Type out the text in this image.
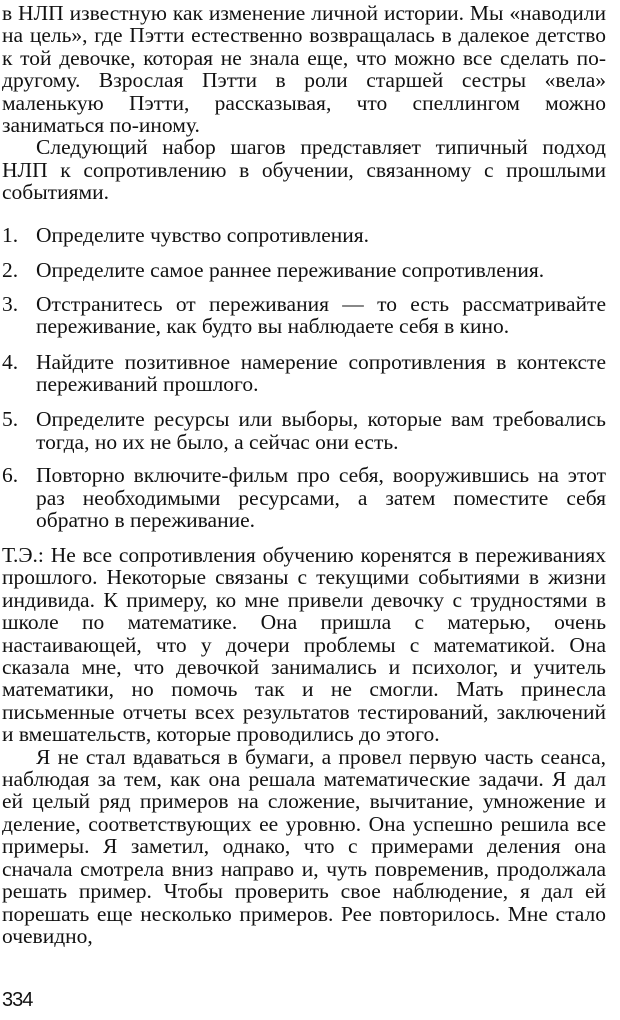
в НЛП известную как изменение личной истории. Мы «наводили на цель», где Пэтти естественно возвращалась в далекое детство к той девочке, которая не знала еще, что можно все сделать по-другому. Взрослая Пэтти в роли старшей сестры «вела» маленькую Пэтти, рассказывая, что спеллингом можно заниматься по-иному.

Следующий набор шагов представляет типичный подход НЛП к сопротивлению в обучении, связанному с прошлыми событиями.

1. Определите чувство сопротивления.
2. Определите самое раннее переживание сопротивления.
3. Отстранитесь от переживания — то есть рассматривайте переживание, как будто вы наблюдаете себя в кино.
4. Найдите позитивное намерение сопротивления в контексте переживаний прошлого.
5. Определите ресурсы или выборы, которые вам требовались тогда, но их не было, а сейчас они есть.
6. Повторно включите-фильм про себя, вооружившись на этот раз необходимыми ресурсами, а затем поместите себя обратно в переживание.

Т.Э.: Не все сопротивления обучению коренятся в переживаниях прошлого. Некоторые связаны с текущими событиями в жизни индивида. К примеру, ко мне привели девочку с трудностями в школе по математике. Она пришла с матерью, очень настаивающей, что у дочери проблемы с математикой. Она сказала мне, что девочкой занимались и психолог, и учитель математики, но помочь так и не смогли. Мать принесла письменные отчеты всех результатов тестирований, заключений и вмешательств, которые проводились до этого.

Я не стал вдаваться в бумаги, а провел первую часть сеанса, наблюдая за тем, как она решала математические задачи. Я дал ей целый ряд примеров на сложение, вычитание, умножение и деление, соответствующих ее уровню. Она успешно решила все примеры. Я заметил, однако, что с примерами деления она сначала смотрела вниз направо и, чуть повременив, продолжала решать пример. Чтобы проверить свое наблюдение, я дал ей порешать еще несколько примеров. Рее повторилось. Мне стало очевидно,

334
